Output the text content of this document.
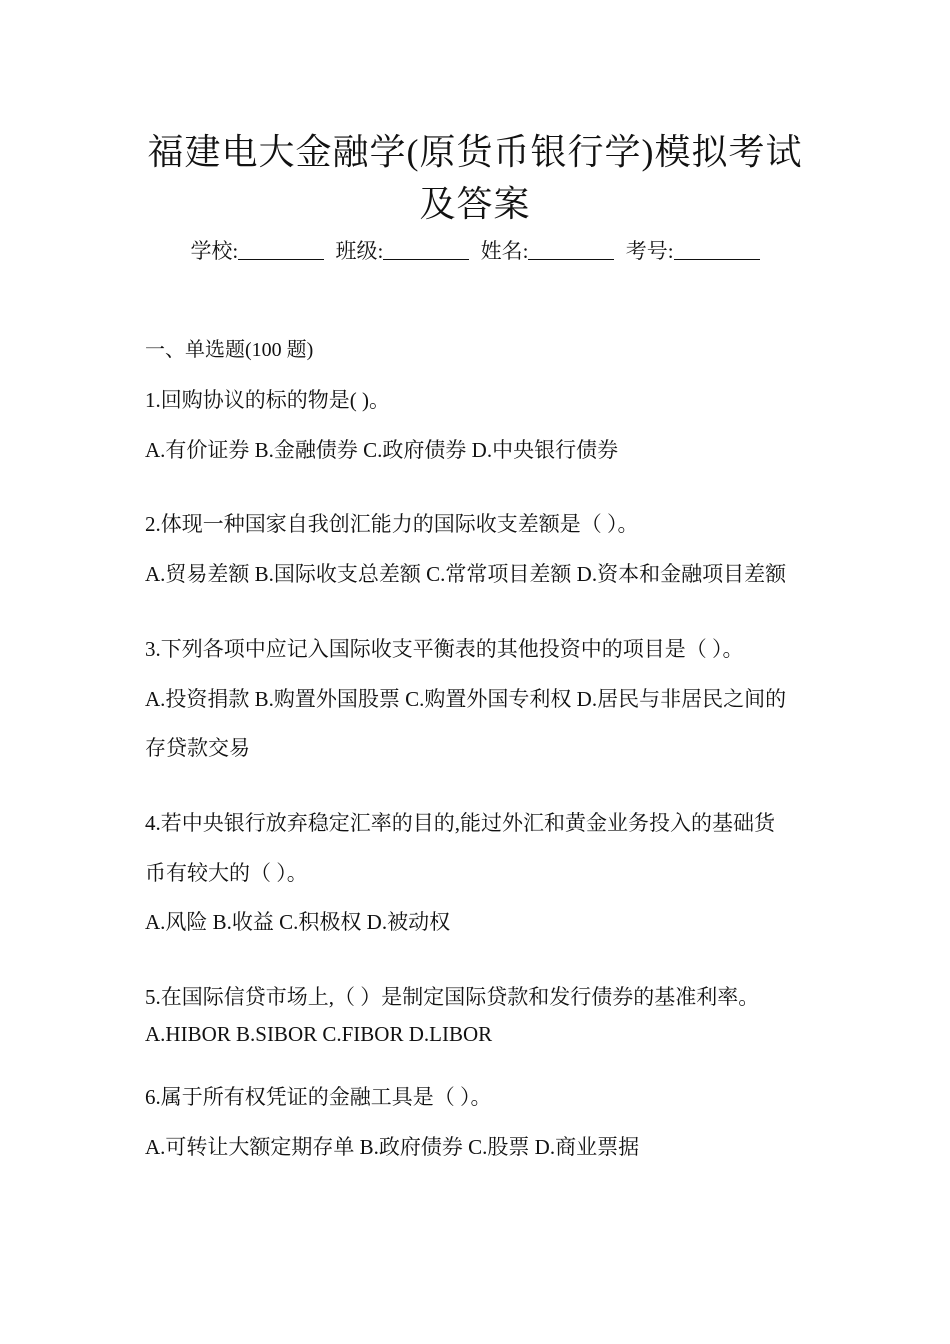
福建电大金融学(原货币银行学)模拟考试
及答案
学校:	班级:	姓名:	考号:
一、单选题(100 题)
1.回购协议的标的物是( )。
A.有价证券 B.金融债券 C.政府债券 D.中央银行债券
2.体现一种国家自我创汇能力的国际收支差额是（ ）。
A.贸易差额 B.国际收支总差额 C.常常项目差额 D.资本和金融项目差额
3.下列各项中应记入国际收支平衡表的其他投资中的项目是（ ）。
A.投资捐款 B.购置外国股票 C.购置外国专利权 D.居民与非居民之间的
存贷款交易
4.若中央银行放弃稳定汇率的目的,能过外汇和黄金业务投入的基础货
币有较大的（ ）。
A.风险 B.收益 C.积极权 D.被动权
5.在国际信贷市场上,（ ）是制定国际贷款和发行债券的基准利率。
A.HIBOR B.SIBOR C.FIBOR D.LIBOR
6.属于所有权凭证的金融工具是（ ）。
A.可转让大额定期存单 B.政府债券 C.股票 D.商业票据
